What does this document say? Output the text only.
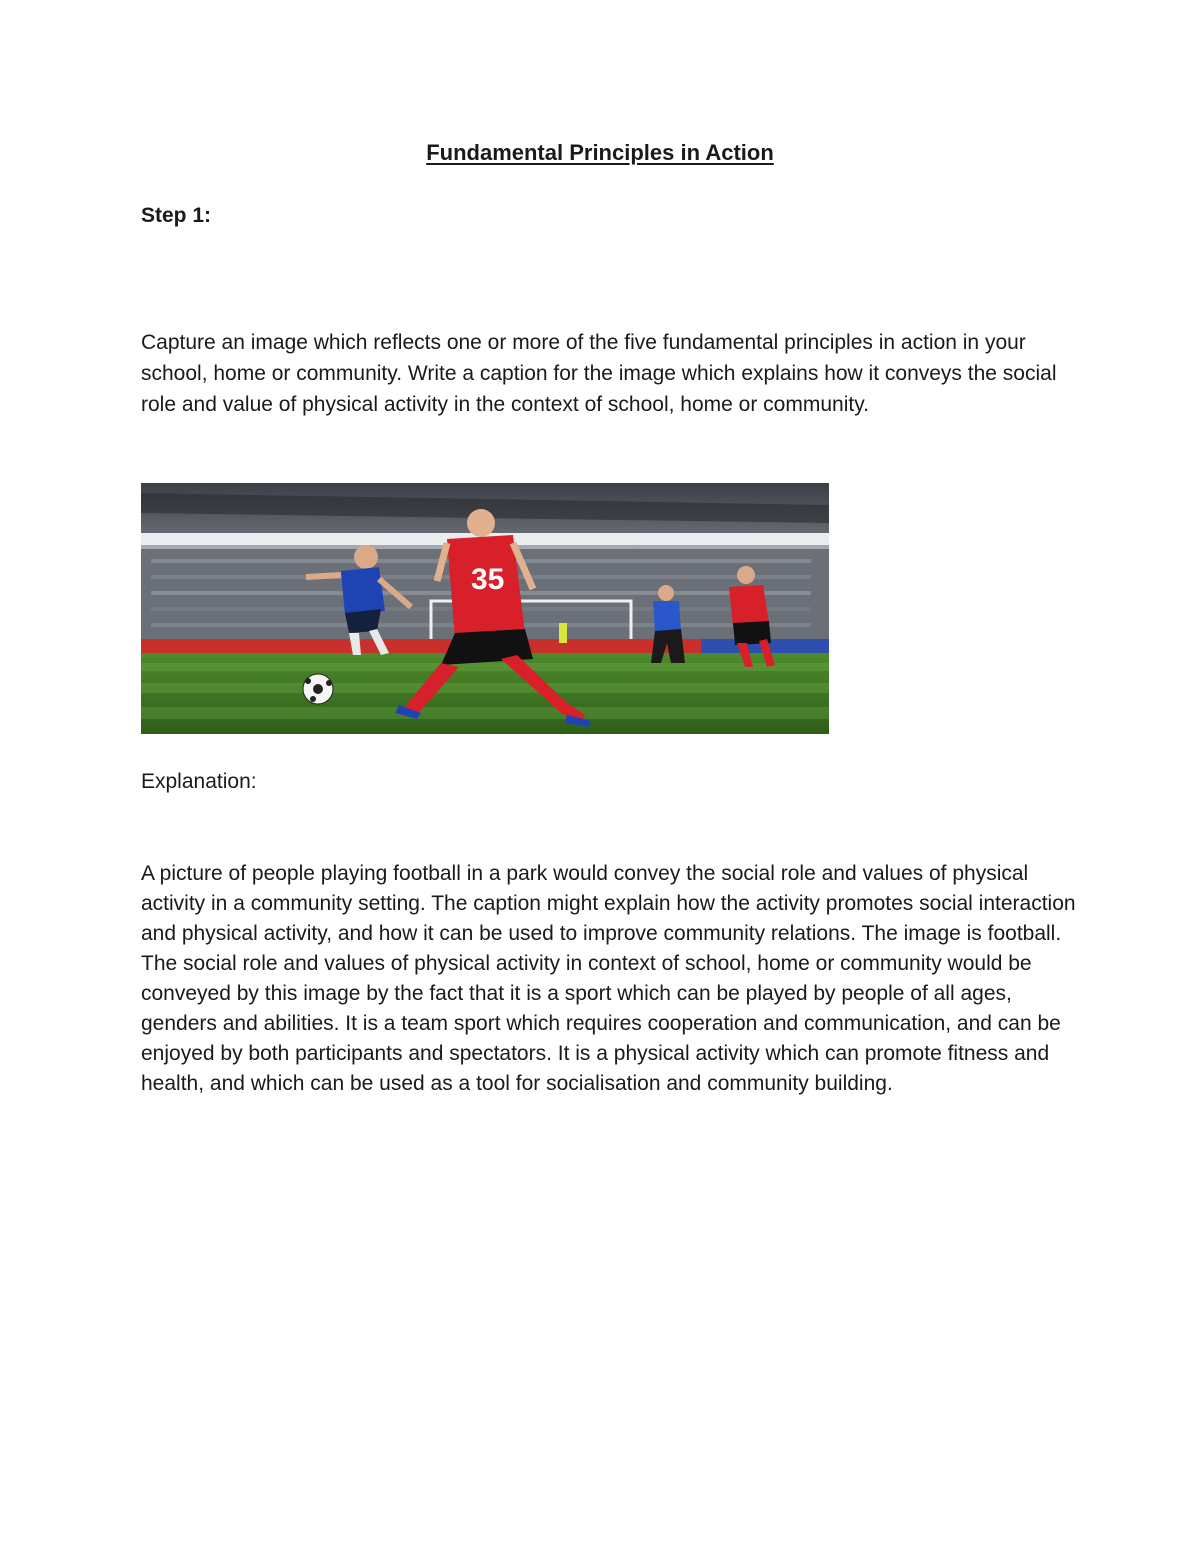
Fundamental Principles in Action

Step 1:

Capture an image which reflects one or more of the five fundamental principles in action in your school, home or community. Write a caption for the image which explains how it conveys the social role and value of physical activity in the context of school, home or community.

35

Explanation:

A picture of people playing football in a park would convey the social role and values of physical activity in a community setting. The caption might explain how the activity promotes social interaction and physical activity, and how it can be used to improve community relations. The image is football. The social role and values of physical activity in context of school, home or community would be conveyed by this image by the fact that it is a sport which can be played by people of all ages, genders and abilities. It is a team sport which requires cooperation and communication, and can be enjoyed by both participants and spectators. It is a physical activity which can promote fitness and health, and which can be used as a tool for socialisation and community building.
